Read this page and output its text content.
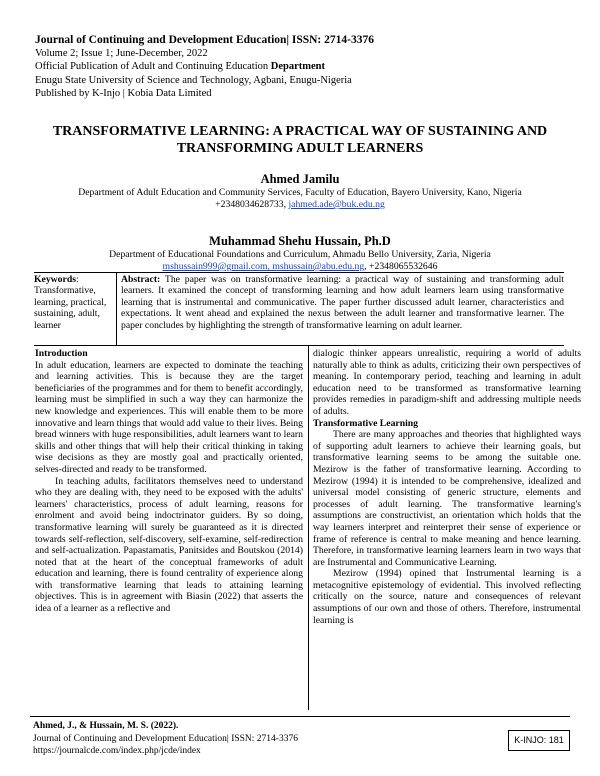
Journal of Continuing and Development Education| ISSN: 2714-3376
Volume 2; Issue 1; June-December, 2022
Official Publication of Adult and Continuing Education Department
Enugu State University of Science and Technology, Agbani, Enugu-Nigeria
Published by K-Injo | Kobia Data Limited
TRANSFORMATIVE LEARNING: A PRACTICAL WAY OF SUSTAINING AND TRANSFORMING ADULT LEARNERS
Ahmed Jamilu
Department of Adult Education and Community Services, Faculty of Education, Bayero University, Kano, Nigeria
+2348034628733, jahmed.ade@buk.edu.ng
Muhammad Shehu Hussain, Ph.D
Department of Educational Foundations and Curriculum, Ahmadu Bello University, Zaria, Nigeria
mshussain999@gmail.com, mshussain@abu.edu.ng, +2348065532646
Keywords: Transformative, learning, practical, sustaining, adult, learner
Abstract: The paper was on transformative learning: a practical way of sustaining and transforming adult learners. It examined the concept of transforming learning and how adult learners learn using transformative learning that is instrumental and communicative. The paper further discussed adult learner, characteristics and expectations. It went ahead and explained the nexus between the adult learner and transformative learner. The paper concludes by highlighting the strength of transformative learning on adult learner.

Introduction

In adult education, learners are expected to dominate the teaching and learning activities. This is because they are the target beneficiaries of the programmes and for them to benefit accordingly, learning must be simplified in such a way they can harmonize the new knowledge and experiences. This will enable them to be more innovative and learn things that would add value to their lives. Being bread winners with huge responsibilities, adult learners want to learn skills and other things that will help their critical thinking in taking wise decisions as they are mostly goal and practically oriented, selves-directed and ready to be transformed.

In teaching adults, facilitators themselves need to understand who they are dealing with, they need to be exposed with the adults' learners' characteristics, process of adult learning, reasons for enrolment and avoid being indoctrinator guiders. By so doing, transformative learning will surely be guaranteed as it is directed towards self-reflection, self-discovery, self-examine, self-redirection and self-actualization. Papastamatis, Panitsides and Boutskou (2014) noted that at the heart of the conceptual frameworks of adult education and learning, there is found centrality of experience along with transformative learning that leads to attaining learning objectives. This is in agreement with Biasin (2022) that asserts the idea of a learner as a reflective and

dialogic thinker appears unrealistic, requiring a world of adults naturally able to think as adults, criticizing their own perspectives of meaning. In contemporary period, teaching and learning in adult education need to be transformed as transformative learning provides remedies in paradigm-shift and addressing multiple needs of adults.

Transformative Learning

There are many approaches and theories that highlighted ways of supporting adult learners to achieve their learning goals, but transformative learning seems to be among the suitable one. Mezirow is the father of transformative learning. According to Mezirow (1994) it is intended to be comprehensive, idealized and universal model consisting of generic structure, elements and processes of adult learning. The transformative learning's assumptions are constructivist, an orientation which holds that the way learners interpret and reinterpret their sense of experience or frame of reference is central to make meaning and hence learning. Therefore, in transformative learning learners learn in two ways that are Instrumental and Communicative Learning.

Mezirow (1994) opined that Instrumental learning is a metacognitive epistemology of evidential. This involved reflecting critically on the source, nature and consequences of relevant assumptions of our own and those of others. Therefore, instrumental learning is

Ahmed, J., & Hussain, M. S. (2022).
Journal of Continuing and Development Education| ISSN: 2714-3376
https://journalcde.com/index.php/jcde/index
K-INJO: 181
